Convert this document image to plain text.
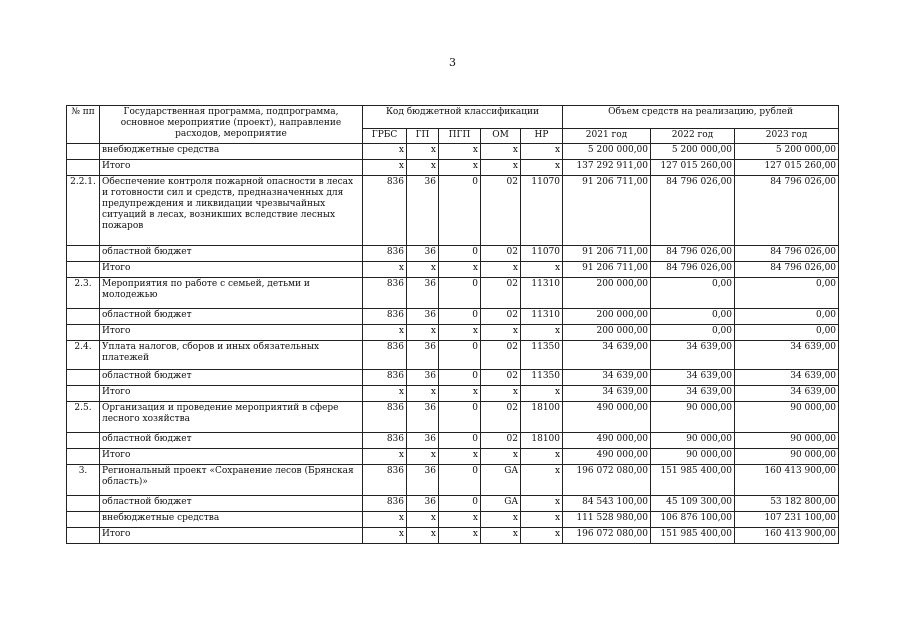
3
№ пп	Государственная программа, подпрограмма, основное мероприятие (проект), направление расходов, мероприятие	Код бюджетной классификации					Объем средств на реализацию, рублей		
		ГРБС	ГП	ПГП	ОМ	НР	2021 год	2022 год	2023 год
	внебюджетные средства	x	x	x	x	x	5 200 000,00	5 200 000,00	5 200 000,00
	Итого	x	x	x	x	x	137 292 911,00	127 015 260,00	127 015 260,00
2.2.1.	Обеспечение контроля пожарной опасности в лесах и готовности сил и средств, предназначенных для предупреждения и ликвидации чрезвычайных ситуаций в лесах, возникших вследствие лесных пожаров	836	36	0	02	11070	91 206 711,00	84 796 026,00	84 796 026,00
	областной бюджет	836	36	0	02	11070	91 206 711,00	84 796 026,00	84 796 026,00
	Итого	x	x	x	x	x	91 206 711,00	84 796 026,00	84 796 026,00
2.3.	Мероприятия по работе с семьей, детьми и молодежью	836	36	0	02	11310	200 000,00	0,00	0,00
	областной бюджет	836	36	0	02	11310	200 000,00	0,00	0,00
	Итого	x	x	x	x	x	200 000,00	0,00	0,00
2.4.	Уплата налогов, сборов и иных обязательных платежей	836	36	0	02	11350	34 639,00	34 639,00	34 639,00
	областной бюджет	836	36	0	02	11350	34 639,00	34 639,00	34 639,00
	Итого	x	x	x	x	x	34 639,00	34 639,00	34 639,00
2.5.	Организация и проведение мероприятий в сфере лесного хозяйства	836	36	0	02	18100	490 000,00	90 000,00	90 000,00
	областной бюджет	836	36	0	02	18100	490 000,00	90 000,00	90 000,00
	Итого	x	x	x	x	x	490 000,00	90 000,00	90 000,00
3.	Региональный проект «Сохранение лесов (Брянская область)»	836	36	0	GA	x	196 072 080,00	151 985 400,00	160 413 900,00
	областной бюджет	836	36	0	GA	x	84 543 100,00	45 109 300,00	53 182 800,00
	внебюджетные средства	x	x	x	x	x	111 528 980,00	106 876 100,00	107 231 100,00
	Итого	x	x	x	x	x	196 072 080,00	151 985 400,00	160 413 900,00
